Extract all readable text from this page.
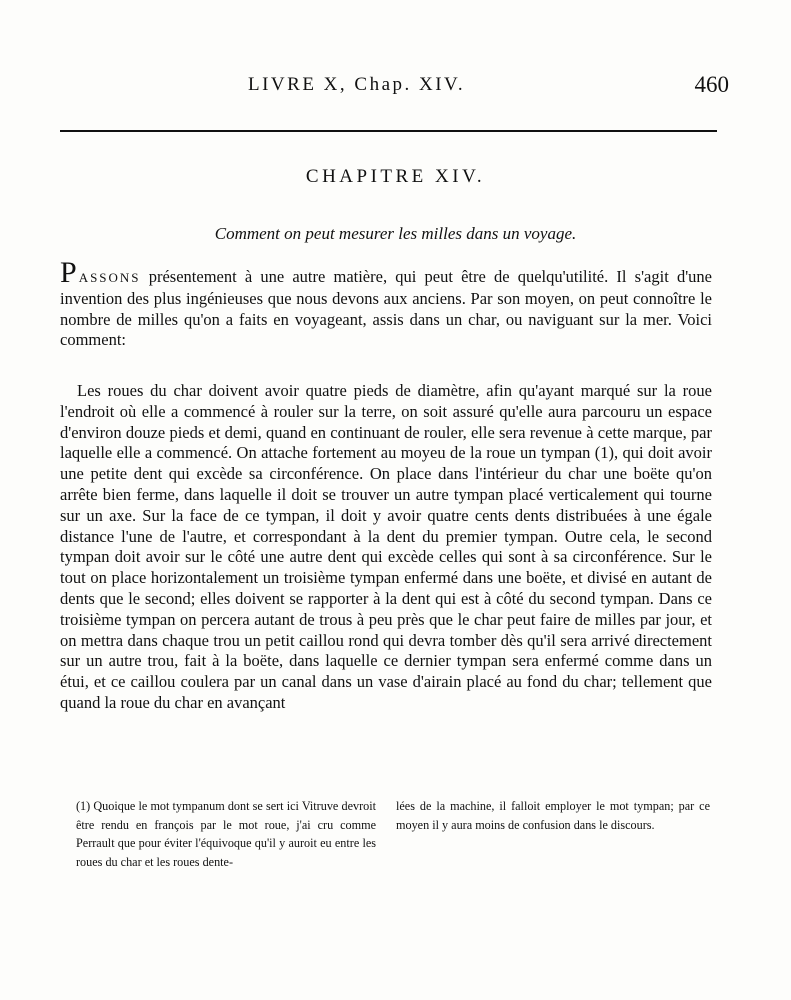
LIVRE X, Chap. XIV.	460
CHAPITRE XIV.
Comment on peut mesurer les milles dans un voyage.

PASSONS présentement à une autre matière, qui peut être de quelqu'utilité. Il s'agit d'une invention des plus ingénieuses que nous devons aux anciens. Par son moyen, on peut connoître le nombre de milles qu'on a faits en voyageant, assis dans un char, ou naviguant sur la mer. Voici comment:

Les roues du char doivent avoir quatre pieds de diamètre, afin qu'ayant marqué sur la roue l'endroit où elle a commencé à rouler sur la terre, on soit assuré qu'elle aura parcouru un espace d'environ douze pieds et demi, quand en continuant de rouler, elle sera revenue à cette marque, par laquelle elle a commencé. On attache fortement au moyeu de la roue un tympan (1), qui doit avoir une petite dent qui excède sa circonférence. On place dans l'intérieur du char une boëte qu'on arrête bien ferme, dans laquelle il doit se trouver un autre tympan placé verticalement qui tourne sur un axe. Sur la face de ce tympan, il doit y avoir quatre cents dents distribuées à une égale distance l'une de l'autre, et correspondant à la dent du premier tympan. Outre cela, le second tympan doit avoir sur le côté une autre dent qui excède celles qui sont à sa circonférence. Sur le tout on place horizontalement un troisième tympan enfermé dans une boëte, et divisé en autant de dents que le second; elles doivent se rapporter à la dent qui est à côté du second tympan. Dans ce troisième tympan on percera autant de trous à peu près que le char peut faire de milles par jour, et on mettra dans chaque trou un petit caillou rond qui devra tomber dès qu'il sera arrivé directement sur un autre trou, fait à la boëte, dans laquelle ce dernier tympan sera enfermé comme dans un étui, et ce caillou coulera par un canal dans un vase d'airain placé au fond du char; tellement que quand la roue du char en avançant

(1) Quoique le mot tympanum dont se sert ici Vitruve devroit être rendu en françois par le mot roue, j'ai cru comme Perrault que pour éviter l'équivoque qu'il y auroit eu entre les roues du char et les roues dente-

lées de la machine, il falloit employer le mot tympan; par ce moyen il y aura moins de confusion dans le discours.
